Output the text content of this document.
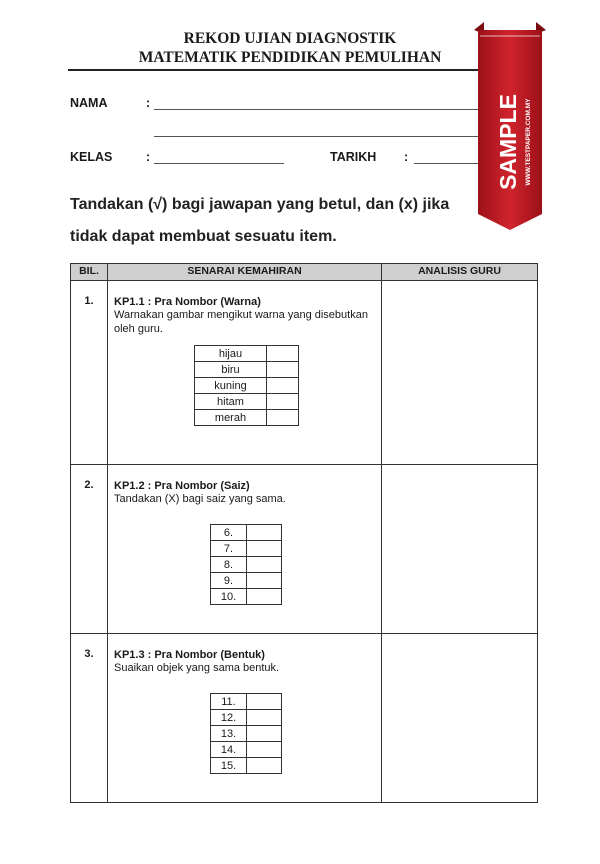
REKOD UJIAN DIAGNOSTIK
MATEMATIK PENDIDIKAN PEMULIHAN
NAMA	:
KELAS	:	TARIKH :
Tandakan (√) bagi jawapan yang betul, dan (x) jika
tidak dapat membuat sesuatu item.
BIL.	SENARAI KEMAHIRAN	ANALISIS GURU
1.	KP1.1 : Pra Nombor (Warna)
Warnakan gambar mengikut warna yang disebutkan oleh guru.
hijau	
biru	
kuning	
hitam	
merah	

2.	KP1.2 : Pra Nombor (Saiz)
Tandakan (X) bagi saiz yang sama.
6.	
7.	
8.	
9.	
10.	

3.	KP1.3 : Pra Nombor (Bentuk)
Suaikan objek yang sama bentuk.
11.	
12.	
13.	
14.	
15.	

SAMPLE WWW.TESTPAPER.COM.MY
